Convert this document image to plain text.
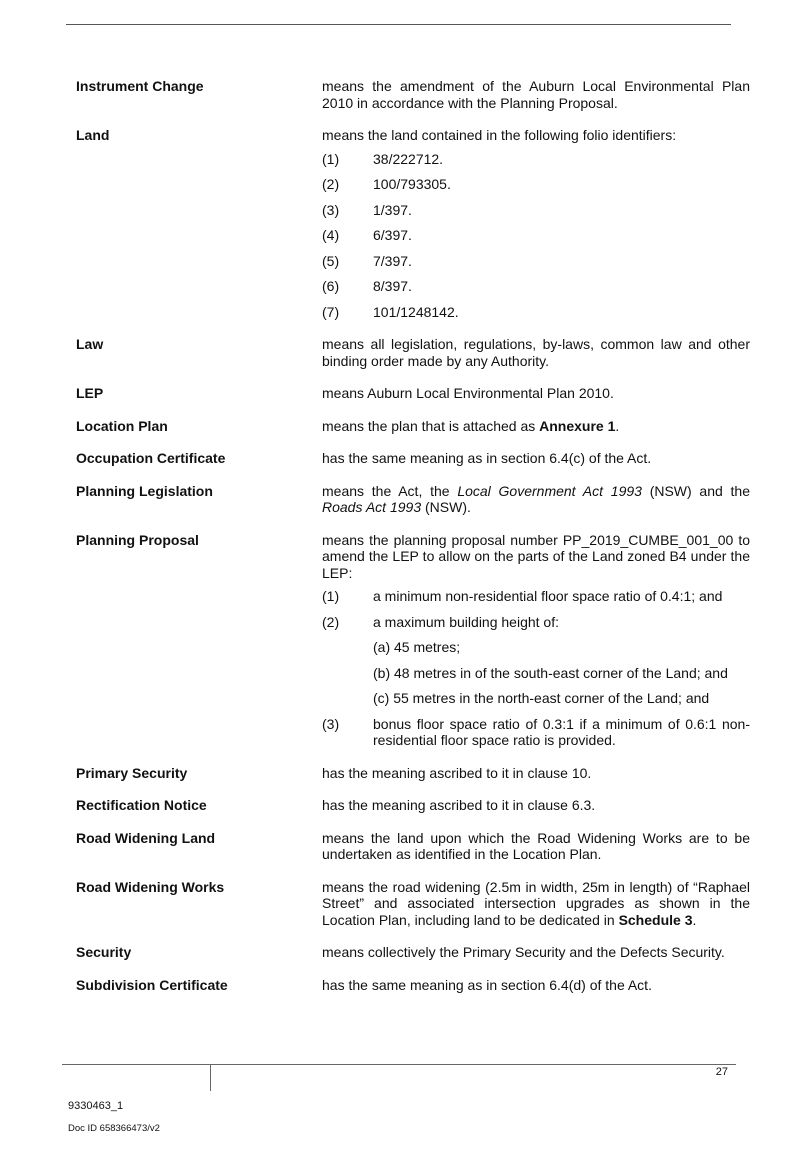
Instrument Change	means the amendment of the Auburn Local Environmental Plan 2010 in accordance with the Planning Proposal.
Land	means the land contained in the following folio identifiers:
(1)	38/222712.
(2)	100/793305.
(3)	1/397.
(4)	6/397.
(5)	7/397.
(6)	8/397.
(7)	101/1248142.
Law	means all legislation, regulations, by-laws, common law and other binding order made by any Authority.
LEP	means Auburn Local Environmental Plan 2010.
Location Plan	means the plan that is attached as Annexure 1.
Occupation Certificate	has the same meaning as in section 6.4(c) of the Act.
Planning Legislation	means the Act, the Local Government Act 1993 (NSW) and the Roads Act 1993 (NSW).
Planning Proposal	means the planning proposal number PP_2019_CUMBE_001_00 to amend the LEP to allow on the parts of the Land zoned B4 under the LEP:
(1)	a minimum non-residential floor space ratio of 0.4:1; and
(2)	a maximum building height of:
(a) 45 metres;
(b) 48 metres in of the south-east corner of the Land; and
(c) 55 metres in the north-east corner of the Land; and
(3)	bonus floor space ratio of 0.3:1 if a minimum of 0.6:1 non-residential floor space ratio is provided.
Primary Security	has the meaning ascribed to it in clause 10.
Rectification Notice	has the meaning ascribed to it in clause 6.3.
Road Widening Land	means the land upon which the Road Widening Works are to be undertaken as identified in the Location Plan.
Road Widening Works	means the road widening (2.5m in width, 25m in length) of “Raphael Street” and associated intersection upgrades as shown in the Location Plan, including land to be dedicated in Schedule 3.
Security	means collectively the Primary Security and the Defects Security.
Subdivision Certificate	has the same meaning as in section 6.4(d) of the Act.
27
9330463_1
Doc ID 658366473/v2
